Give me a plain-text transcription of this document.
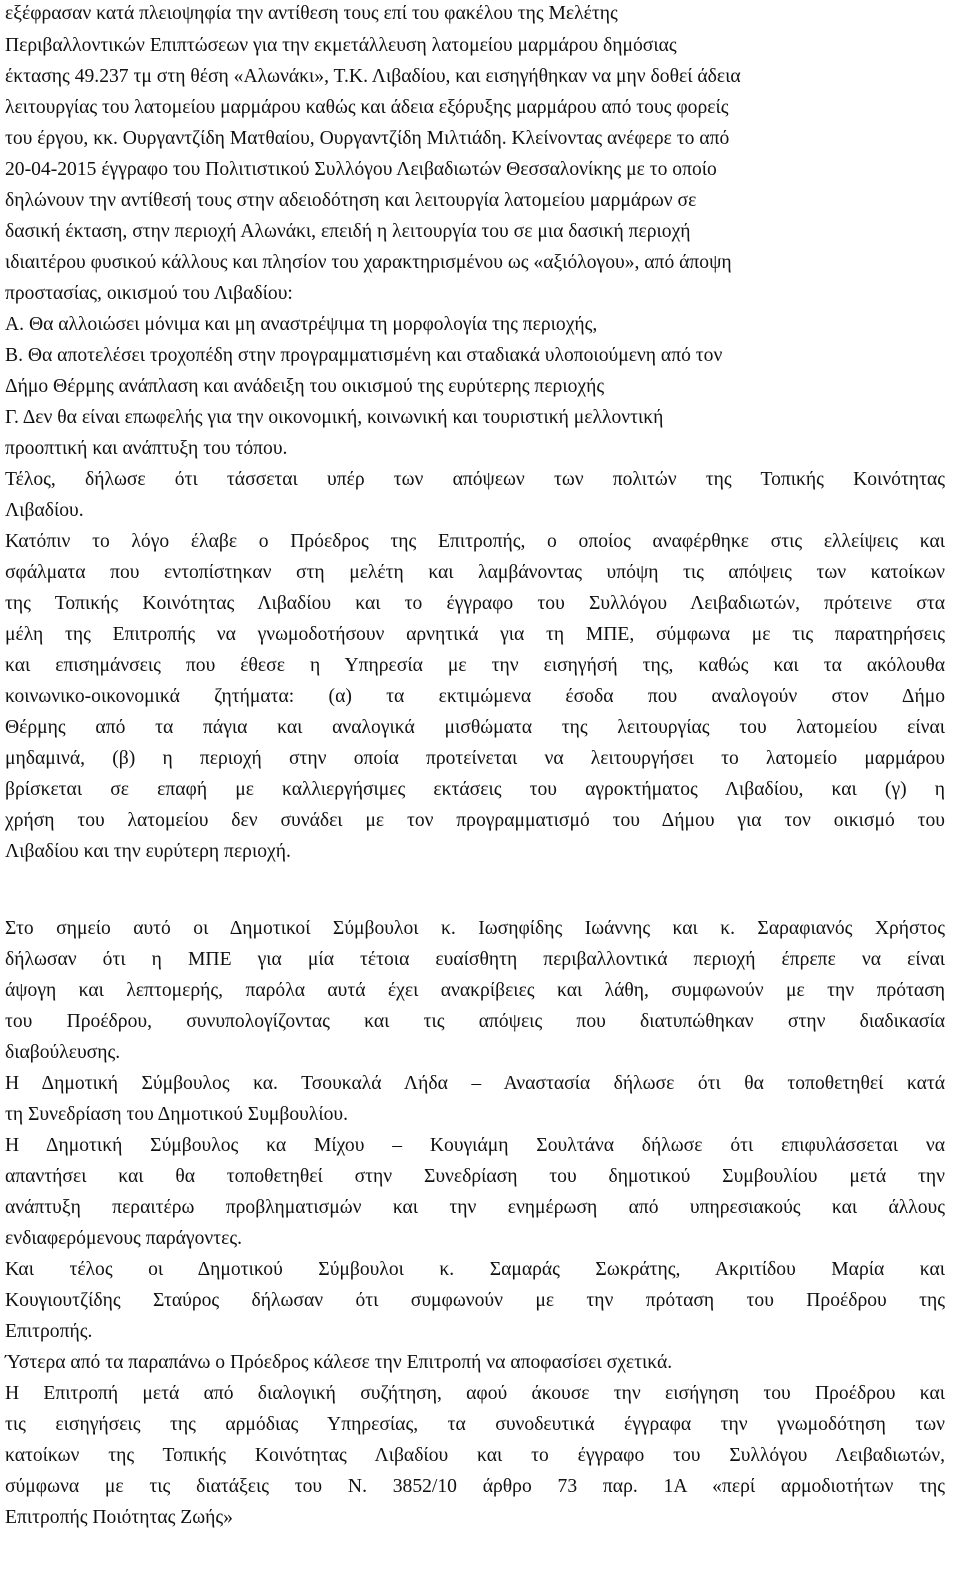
εξέφρασαν κατά πλειοψηφία την αντίθεση τους επί του φακέλου της Μελέτης
Περιβαλλοντικών Επιπτώσεων για την εκμετάλλευση λατομείου μαρμάρου δημόσιας
έκτασης 49.237 τμ στη θέση «Αλωνάκι», Τ.Κ. Λιβαδίου, και εισηγήθηκαν να μην δοθεί άδεια
λειτουργίας του λατομείου μαρμάρου καθώς και άδεια εξόρυξης μαρμάρου από τους φορείς
του έργου, κκ. Ουργαντζίδη Ματθαίου, Ουργαντζίδη Μιλτιάδη. Κλείνοντας ανέφερε το από
20-04-2015 έγγραφο του Πολιτιστικού Συλλόγου Λειβαδιωτών Θεσσαλονίκης με το οποίο
δηλώνουν την αντίθεσή τους στην αδειοδότηση και λειτουργία λατομείου μαρμάρων σε
δασική έκταση, στην περιοχή Αλωνάκι, επειδή η λειτουργία του σε μια δασική περιοχή
ιδιαιτέρου φυσικού κάλλους και πλησίον του χαρακτηρισμένου ως «αξιόλογου», από άποψη
προστασίας, οικισμού του Λιβαδίου:
Α. Θα αλλοιώσει μόνιμα και μη αναστρέψιμα τη μορφολογία της περιοχής,
Β. Θα αποτελέσει τροχοπέδη στην προγραμματισμένη και σταδιακά υλοποιούμενη από τον
Δήμο Θέρμης ανάπλαση και ανάδειξη του οικισμού της ευρύτερης περιοχής
Γ. Δεν θα είναι επωφελής για την οικονομική, κοινωνική και τουριστική μελλοντική
προοπτική και ανάπτυξη του τόπου.
Τέλος, δήλωσε ότι τάσσεται υπέρ των απόψεων των πολιτών της Τοπικής Κοινότητας
Λιβαδίου.
Κατόπιν το λόγο έλαβε ο Πρόεδρος της Επιτροπής, ο οποίος αναφέρθηκε στις ελλείψεις και
σφάλματα που εντοπίστηκαν στη μελέτη και λαμβάνοντας υπόψη τις απόψεις των κατοίκων
της Τοπικής Κοινότητας Λιβαδίου και το έγγραφο του Συλλόγου Λειβαδιωτών, πρότεινε στα
μέλη της Επιτροπής να γνωμοδοτήσουν αρνητικά για τη ΜΠΕ, σύμφωνα με τις παρατηρήσεις
και επισημάνσεις που έθεσε η Υπηρεσία με την εισηγήσή της, καθώς και τα ακόλουθα
κοινωνικο-οικονομικά ζητήματα: (α) τα εκτιμώμενα έσοδα που αναλογούν στον Δήμο
Θέρμης από τα πάγια και αναλογικά μισθώματα της λειτουργίας του λατομείου είναι
μηδαμινά, (β) η περιοχή στην οποία προτείνεται να λειτουργήσει το λατομείο μαρμάρου
βρίσκεται σε επαφή με καλλιεργήσιμες εκτάσεις του αγροκτήματος Λιβαδίου, και (γ) η
χρήση του λατομείου δεν συνάδει με τον προγραμματισμό του Δήμου για τον οικισμό του
Λιβαδίου και την ευρύτερη περιοχή.
Στο σημείο αυτό οι Δημοτικοί Σύμβουλοι κ. Ιωσηφίδης Ιωάννης και κ. Σαραφιανός Χρήστος
δήλωσαν ότι η ΜΠΕ για μία τέτοια ευαίσθητη περιβαλλοντικά περιοχή έπρεπε να είναι
άψογη και λεπτομερής, παρόλα αυτά έχει ανακρίβειες και λάθη, συμφωνούν με την πρόταση
του Προέδρου, συνυπολογίζοντας και τις απόψεις που διατυπώθηκαν στην διαδικασία
διαβούλευσης.
Η Δημοτική Σύμβουλος κα. Τσουκαλά Λήδα – Αναστασία δήλωσε ότι θα τοποθετηθεί κατά
τη Συνεδρίαση του Δημοτικού Συμβουλίου.
Η Δημοτική Σύμβουλος κα Μίχου – Κουγιάμη Σουλτάνα δήλωσε ότι επιφυλάσσεται να
απαντήσει και θα τοποθετηθεί στην Συνεδρίαση του δημοτικού Συμβουλίου μετά την
ανάπτυξη περαιτέρω προβληματισμών και την ενημέρωση από υπηρεσιακούς και άλλους
ενδιαφερόμενους παράγοντες.
Και τέλος οι Δημοτικού Σύμβουλοι κ. Σαμαράς Σωκράτης, Ακριτίδου Μαρία και
Κουγιουτζίδης Σταύρος δήλωσαν ότι συμφωνούν με την πρόταση του Προέδρου της
Επιτροπής.
Ύστερα από τα παραπάνω ο Πρόεδρος κάλεσε την Επιτροπή να αποφασίσει σχετικά.
Η Επιτροπή μετά από διαλογική συζήτηση, αφού άκουσε την εισήγηση του Προέδρου και
τις εισηγήσεις της αρμόδιας Υπηρεσίας, τα συνοδευτικά έγγραφα την γνωμοδότηση των
κατοίκων της Τοπικής Κοινότητας Λιβαδίου και το έγγραφο του Συλλόγου Λειβαδιωτών,
σύμφωνα με τις διατάξεις του Ν. 3852/10 άρθρο 73 παρ. 1Α «περί αρμοδιοτήτων της
Επιτροπής Ποιότητας Ζωής»
